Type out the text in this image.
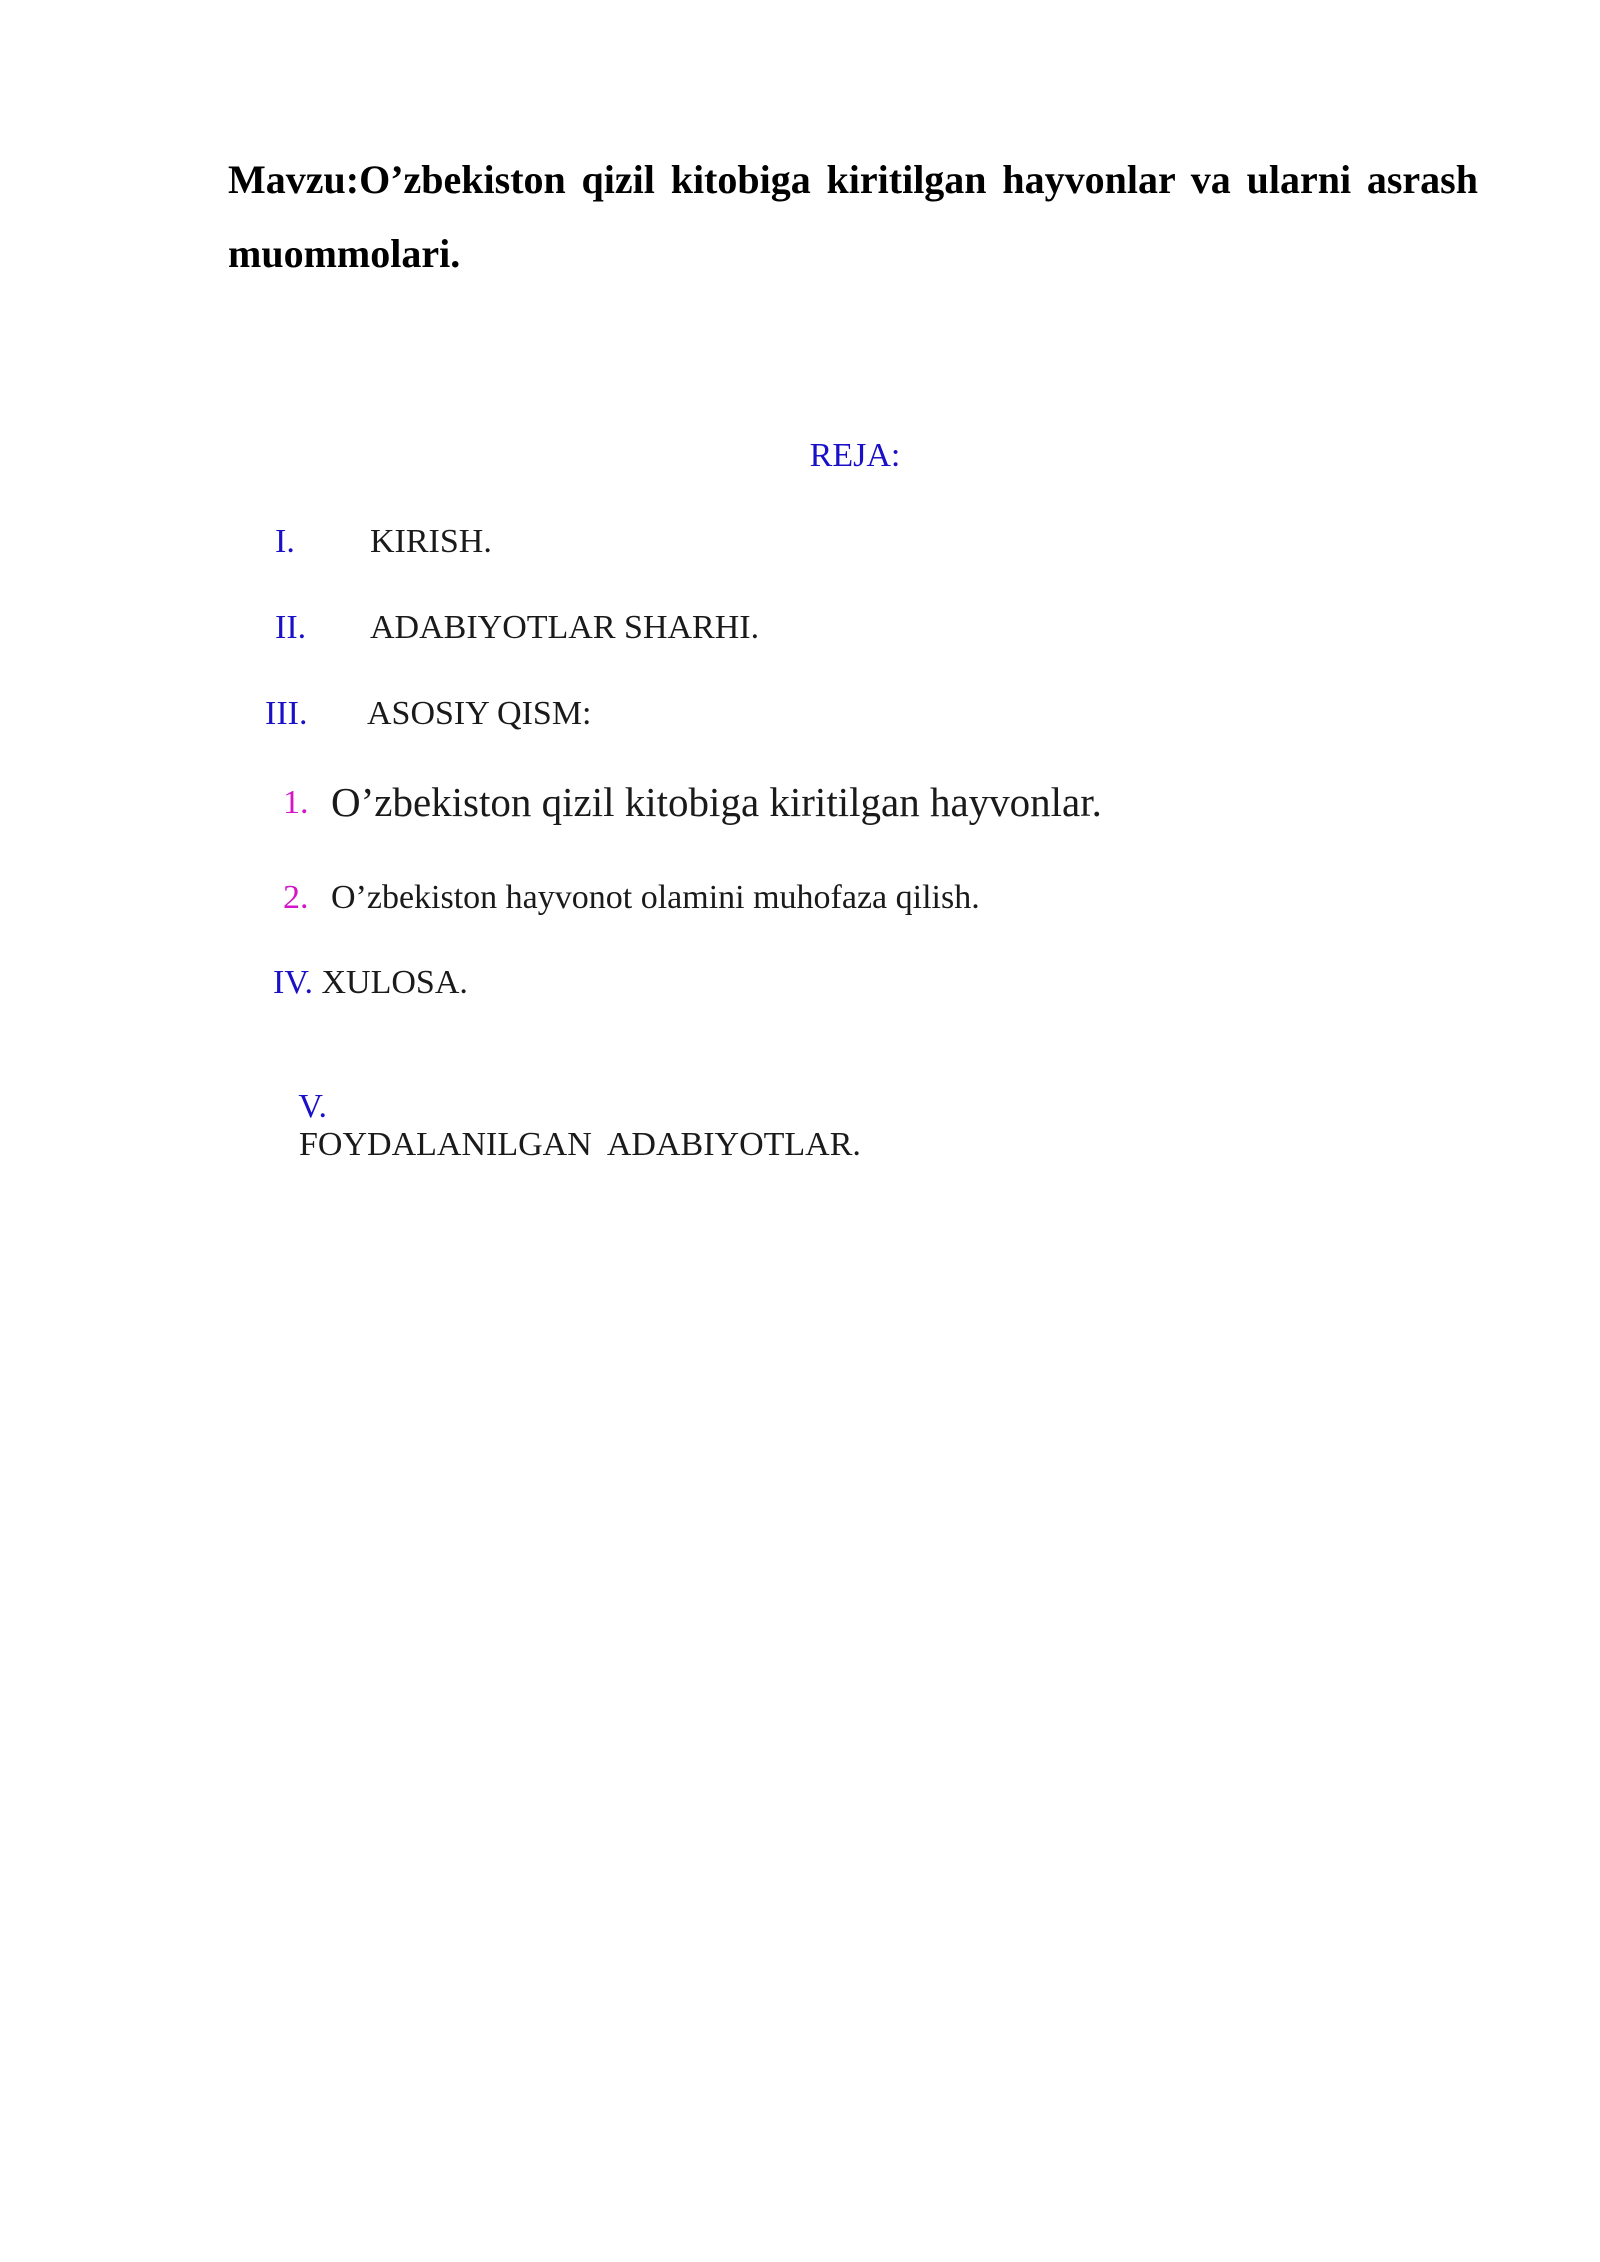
Mavzu:O’zbekiston qizil kitobiga kiritilgan hayvonlar va ularni asrash muommolari.
REJA:
I. KIRISH.
II. ADABIYOTLAR SHARHI.
III. ASOSIY QISM:
1. O’zbekiston qizil kitobiga kiritilgan hayvonlar.
2. O’zbekiston hayvonot olamini muhofaza qilish.
IV. XULOSA.

V.
FOYDALANILGAN  ADABIYOTLAR.
